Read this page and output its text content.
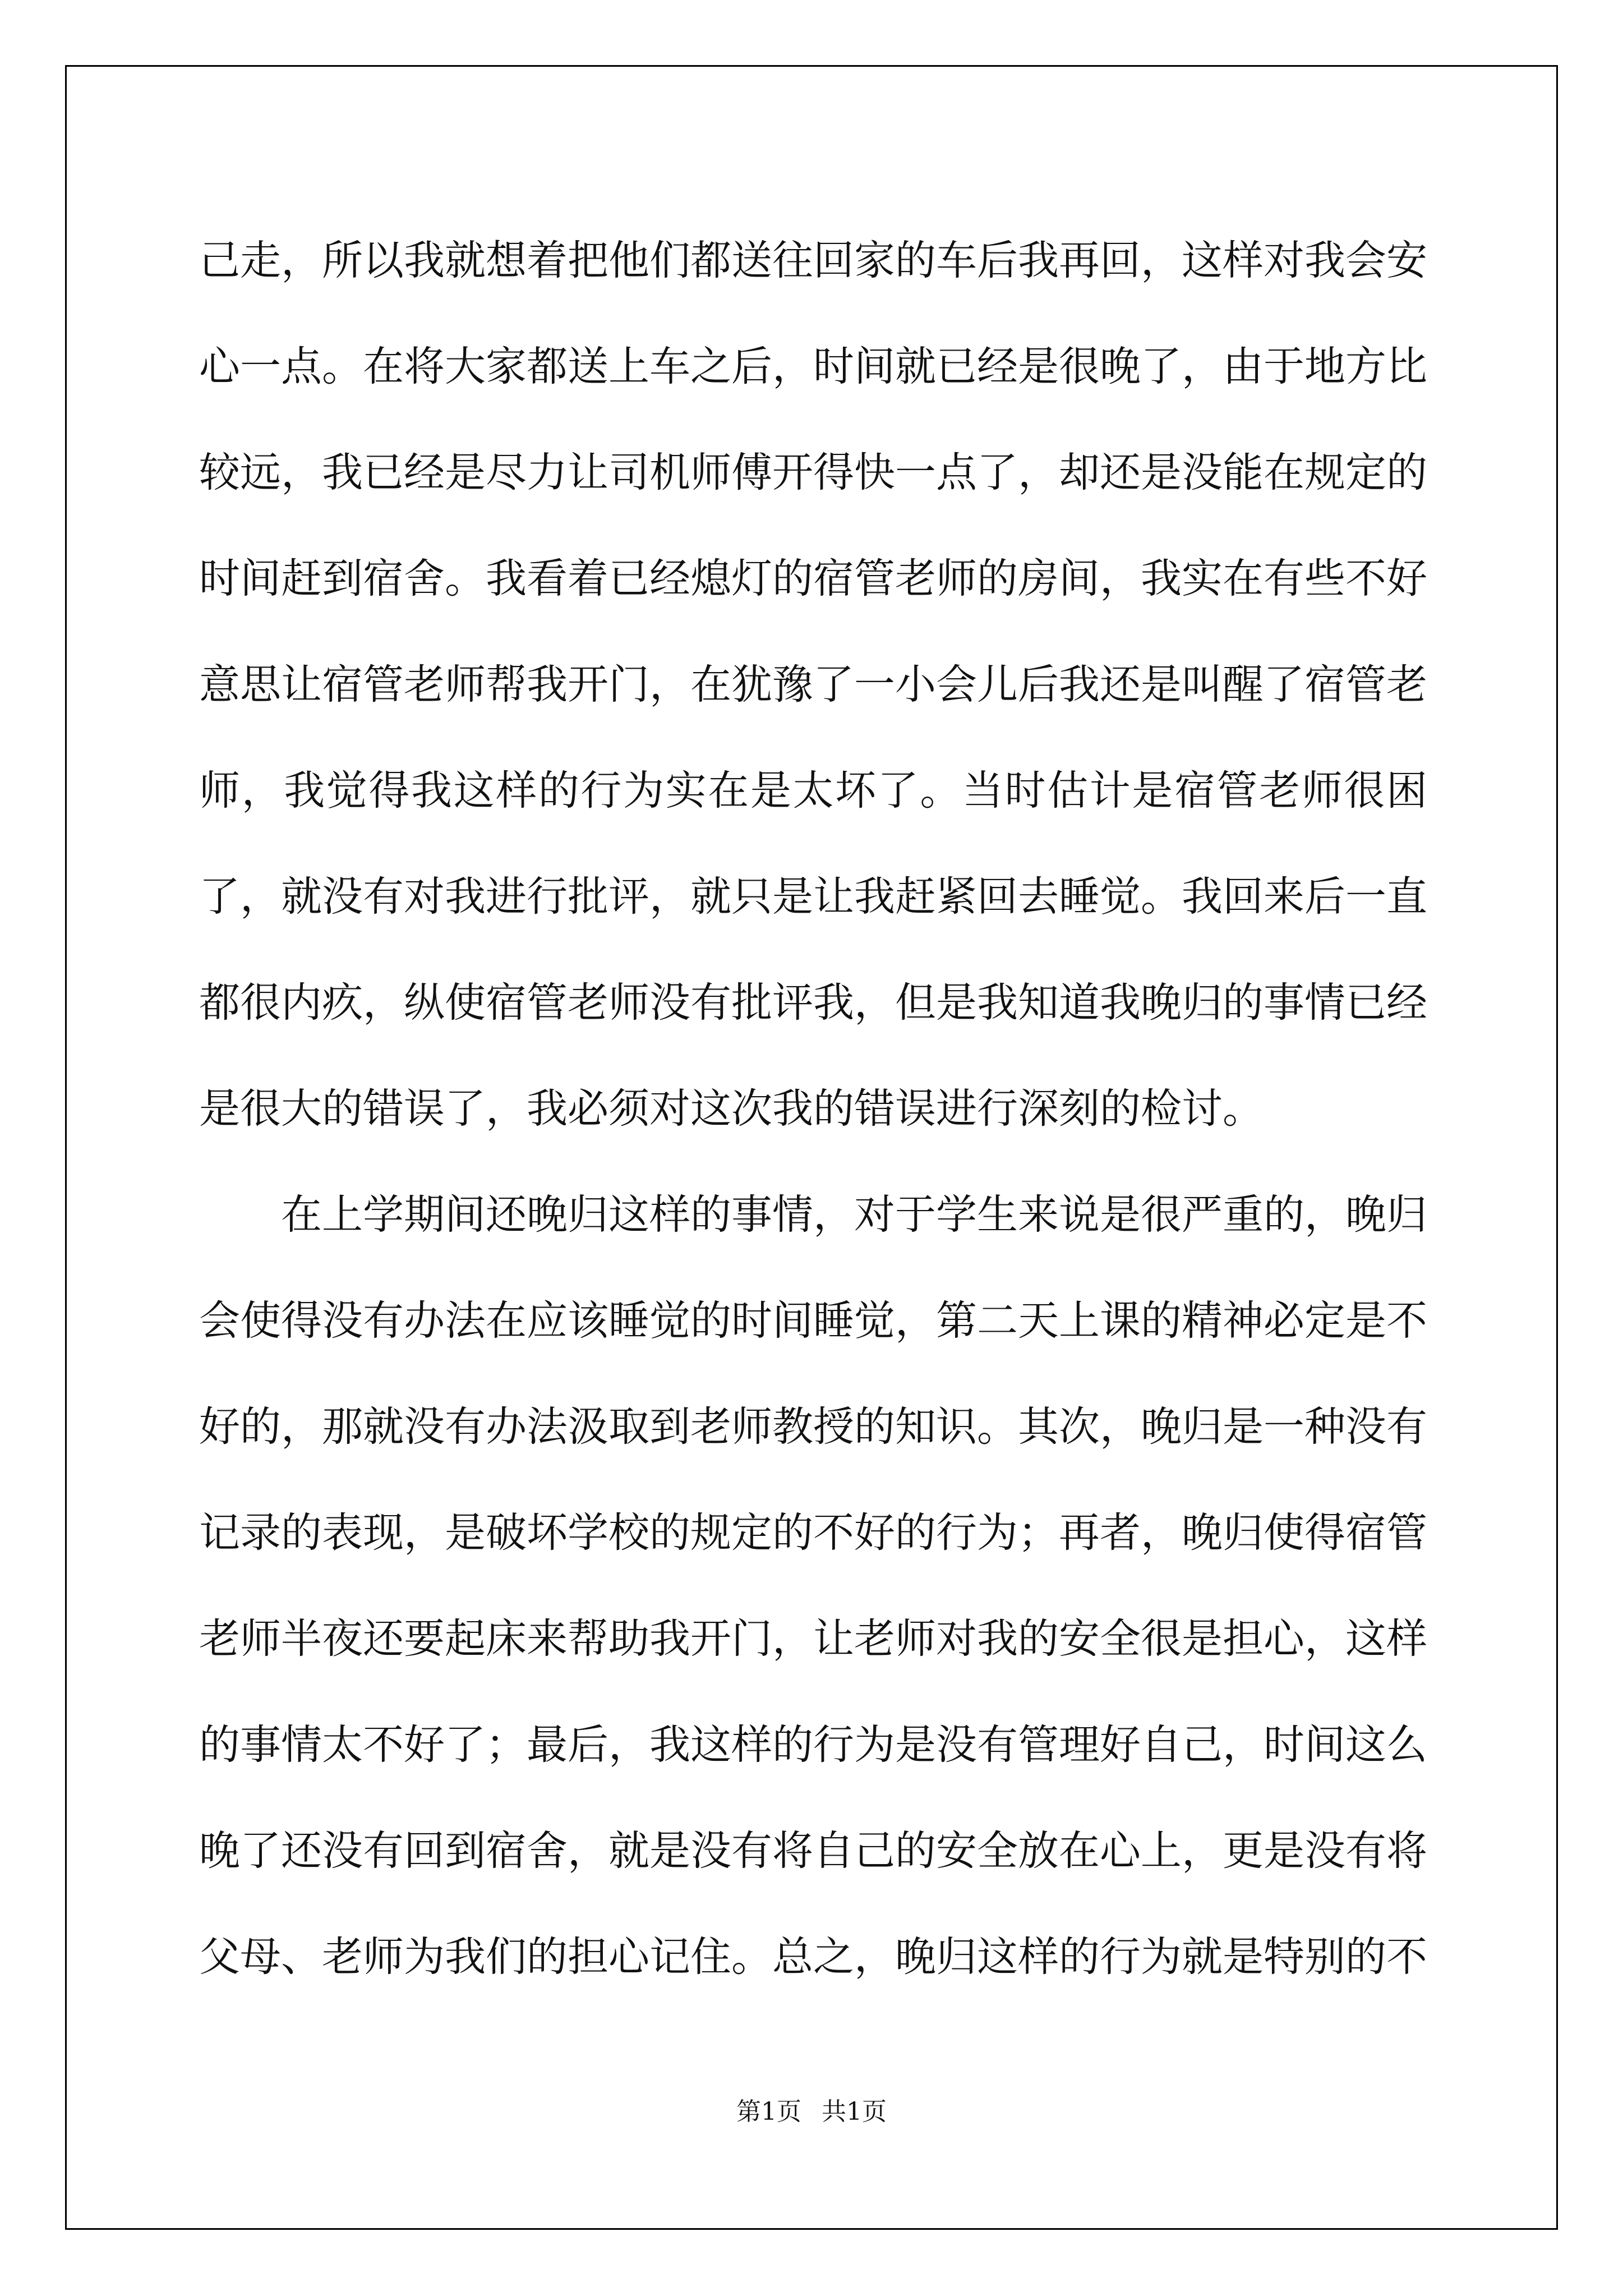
己走，所以我就想着把他们都送往回家的车后我再回，这样对我会安心一点。在将大家都送上车之后，时间就已经是很晚了，由于地方比较远，我已经是尽力让司机师傅开得快一点了，却还是没能在规定的时间赶到宿舍。我看着已经熄灯的宿管老师的房间，我实在有些不好意思让宿管老师帮我开门，在犹豫了一小会儿后我还是叫醒了宿管老师，我觉得我这样的行为实在是太坏了。当时估计是宿管老师很困了，就没有对我进行批评，就只是让我赶紧回去睡觉。我回来后一直都很内疚，纵使宿管老师没有批评我，但是我知道我晚归的事情已经是很大的错误了，我必须对这次我的错误进行深刻的检讨。

在上学期间还晚归这样的事情，对于学生来说是很严重的，晚归会使得没有办法在应该睡觉的时间睡觉，第二天上课的精神必定是不好的，那就没有办法汲取到老师教授的知识。其次，晚归是一种没有记录的表现，是破坏学校的规定的不好的行为；再者，晚归使得宿管老师半夜还要起床来帮助我开门，让老师对我的安全很是担心，这样的事情太不好了；最后，我这样的行为是没有管理好自己，时间这么晚了还没有回到宿舍，就是没有将自己的安全放在心上，更是没有将父母、老师为我们的担心记住。总之，晚归这样的行为就是特别的不

第1页 共1页
